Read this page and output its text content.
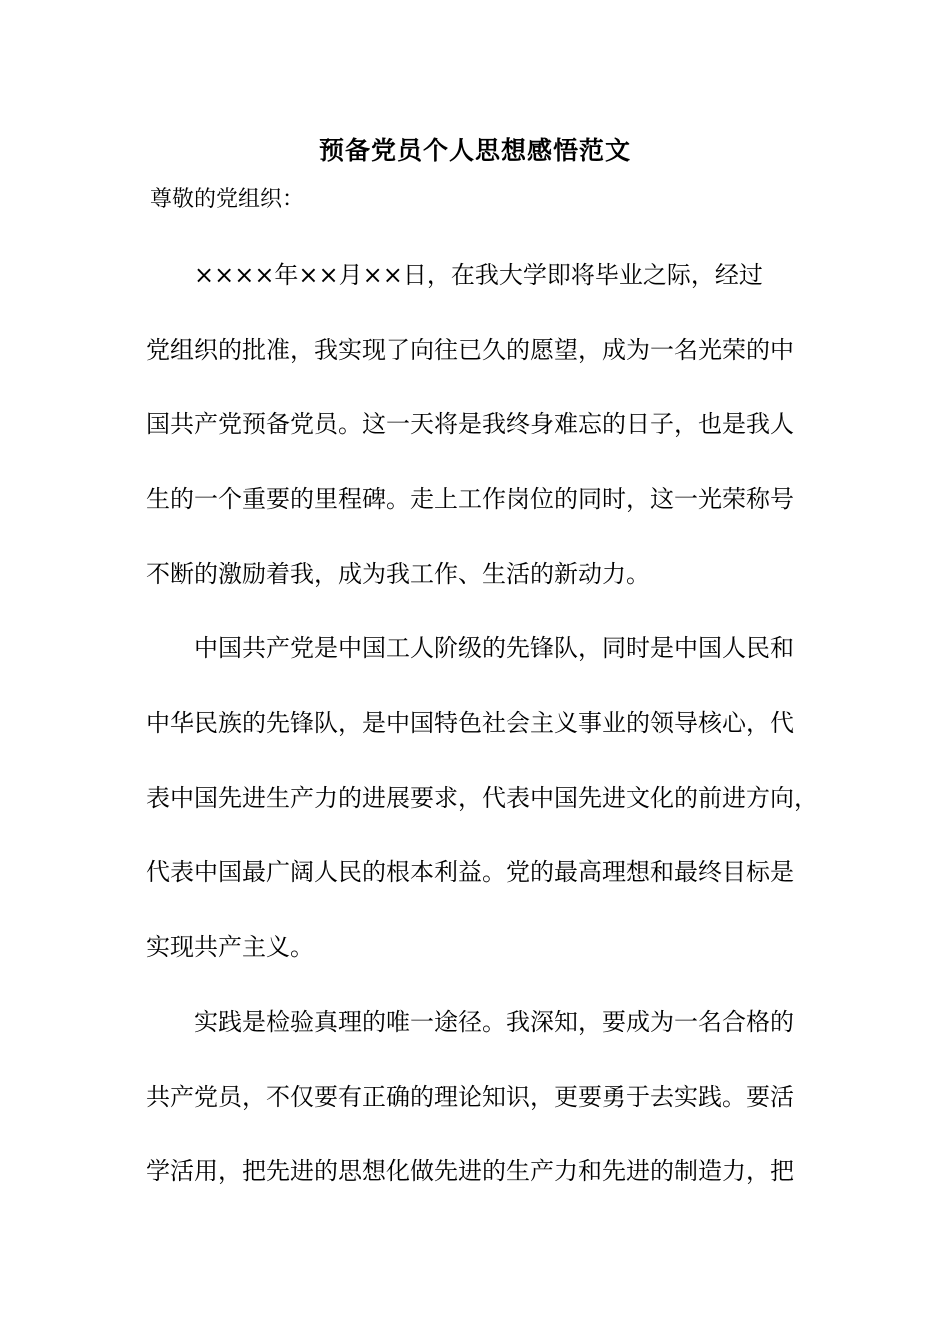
预备党员个人思想感悟范文
尊敬的党组织：
　　××××年××月××日，在我大学即将毕业之际，经过
党组织的批准，我实现了向往已久的愿望，成为一名光荣的中
国共产党预备党员。这一天将是我终身难忘的日子，也是我人
生的一个重要的里程碑。走上工作岗位的同时，这一光荣称号
不断的激励着我，成为我工作、生活的新动力。
　　中国共产党是中国工人阶级的先锋队，同时是中国人民和
中华民族的先锋队，是中国特色社会主义事业的领导核心，代
表中国先进生产力的进展要求，代表中国先进文化的前进方向，
代表中国最广阔人民的根本利益。党的最高理想和最终目标是
实现共产主义。
　　实践是检验真理的唯一途径。我深知，要成为一名合格的
共产党员，不仅要有正确的理论知识，更要勇于去实践。要活
学活用，把先进的思想化做先进的生产力和先进的制造力，把
